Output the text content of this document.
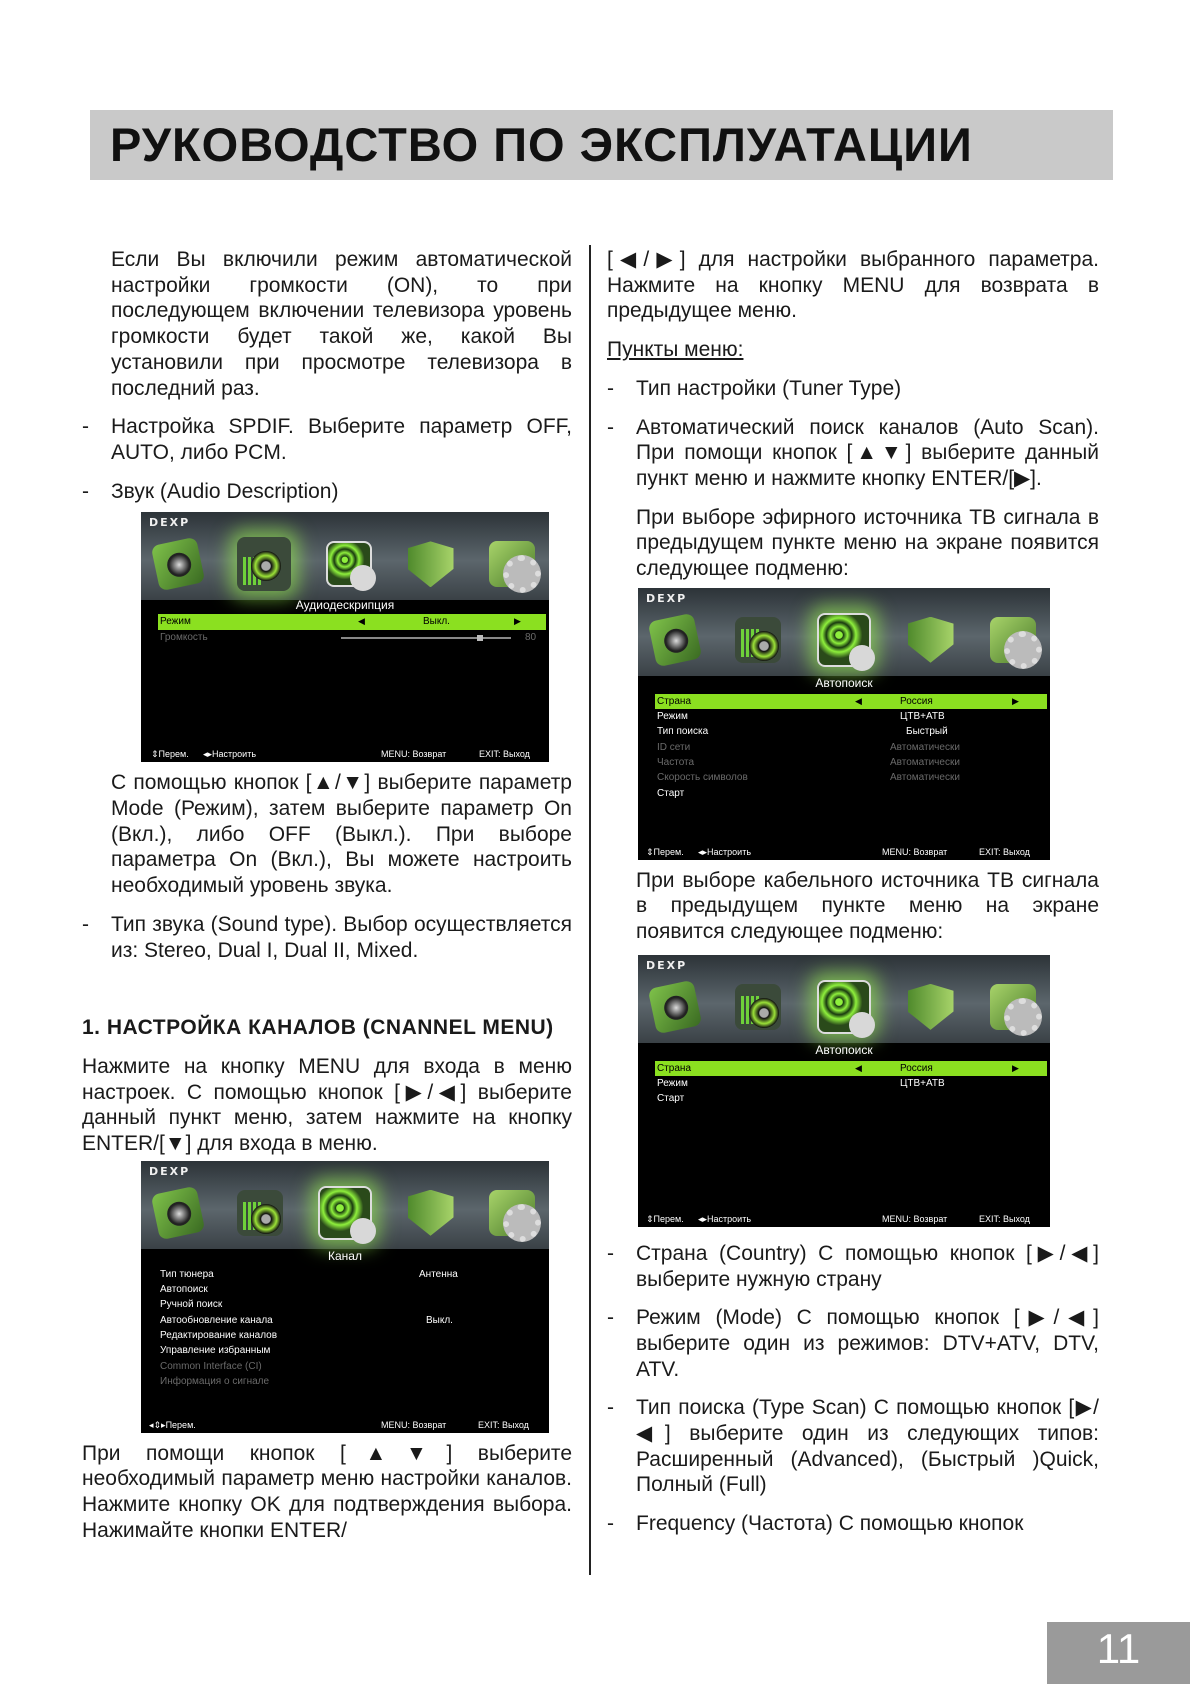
РУКОВОДСТВО ПО ЭКСПЛУАТАЦИИ

Если Вы включили режим автоматической настройки громкости (ON), то при последующем включении телевизора уровень громкости будет такой же, какой Вы установили при просмотре телевизора в последний раз.

- Настройка SPDIF. Выберите параметр OFF, AUTO, либо PCM.
- Звук (Audio Description)
DEXP
Аудиодескрипция
Режим	◀	Выкл.	▶
Громкость	80
⇕ Перем. ◂▸ Настроить	MENU: Возврат	EXIT: Выход

С помощью кнопок [▲/▼] выберите параметр Mode (Режим), затем выберите параметр On (Вкл.), либо OFF (Выкл.). При выборе параметра On (Вкл.), Вы можете настроить необходимый уровень звука.

- Тип звука (Sound type). Выбор осуществляется из: Stereo, Dual I, Dual II, Mixed.
1. НАСТРОЙКА КАНАЛОВ (CNANNEL MENU)

Нажмите на кнопку MENU для входа в меню настроек. С помощью кнопок [▶/◀] выберите данный пункт меню, затем нажмите на кнопку ENTER/[▼] для входа в меню.

DEXP
Канал
Тип тюнера	Антенна
Автопоиск
Ручной поиск
Автообновление канала	Выкл.
Редактирование каналов
Управление избранным
Common Interface (CI)
Информация о сигнале
◂⇕▸ Перем.	MENU: Возврат	EXIT: Выход

При помощи кнопок [▲▼] выберите необходимый параметр меню настройки каналов. Нажмите кнопку OK для подтверждения выбора. Нажимайте кнопки ENTER/

[◀/▶] для настройки выбранного параметра. Нажмите на кнопку MENU для возврата в предыдущее меню.

Пункты меню:
- Тип настройки (Tuner Type)
- Автоматический поиск каналов (Auto Scan). При помощи кнопок [▲▼] выберите данный пункт меню и нажмите кнопку ENTER/[▶].

При выборе эфирного источника ТВ сигнала в предыдущем пункте меню на экране появится следующее подменю:

DEXP
Автопоиск
Страна	◀	Россия	▶
Режим	ЦТВ+АТВ
Тип поиска	Быстрый
ID сети	Автоматически
Частота	Автоматически
Скорость символов	Автоматически
Старт
⇕ Перем. ◂▸ Настроить	MENU: Возврат	EXIT: Выход

При выборе кабельного источника ТВ сигнала в предыдущем пункте меню на экране появится следующее подменю:

DEXP
Автопоиск
Страна	◀	Россия	▶
Режим	ЦТВ+АТВ
Старт
⇕ Перем. ◂▸ Настроить	MENU: Возврат	EXIT: Выход
- Страна (Country) С помощью кнопок [▶/◀] выберите нужную страну
- Режим (Mode) С помощью кнопок [▶/◀] выберите один из режимов: DTV+ATV, DTV, ATV.
- Тип поиска (Type Scan) С помощью кнопок [▶/◀] выберите один из следующих типов: Расширенный (Advanced), (Быстрый )Quick, Полный (Full)
- Frequency (Частота) С помощью кнопок
11
